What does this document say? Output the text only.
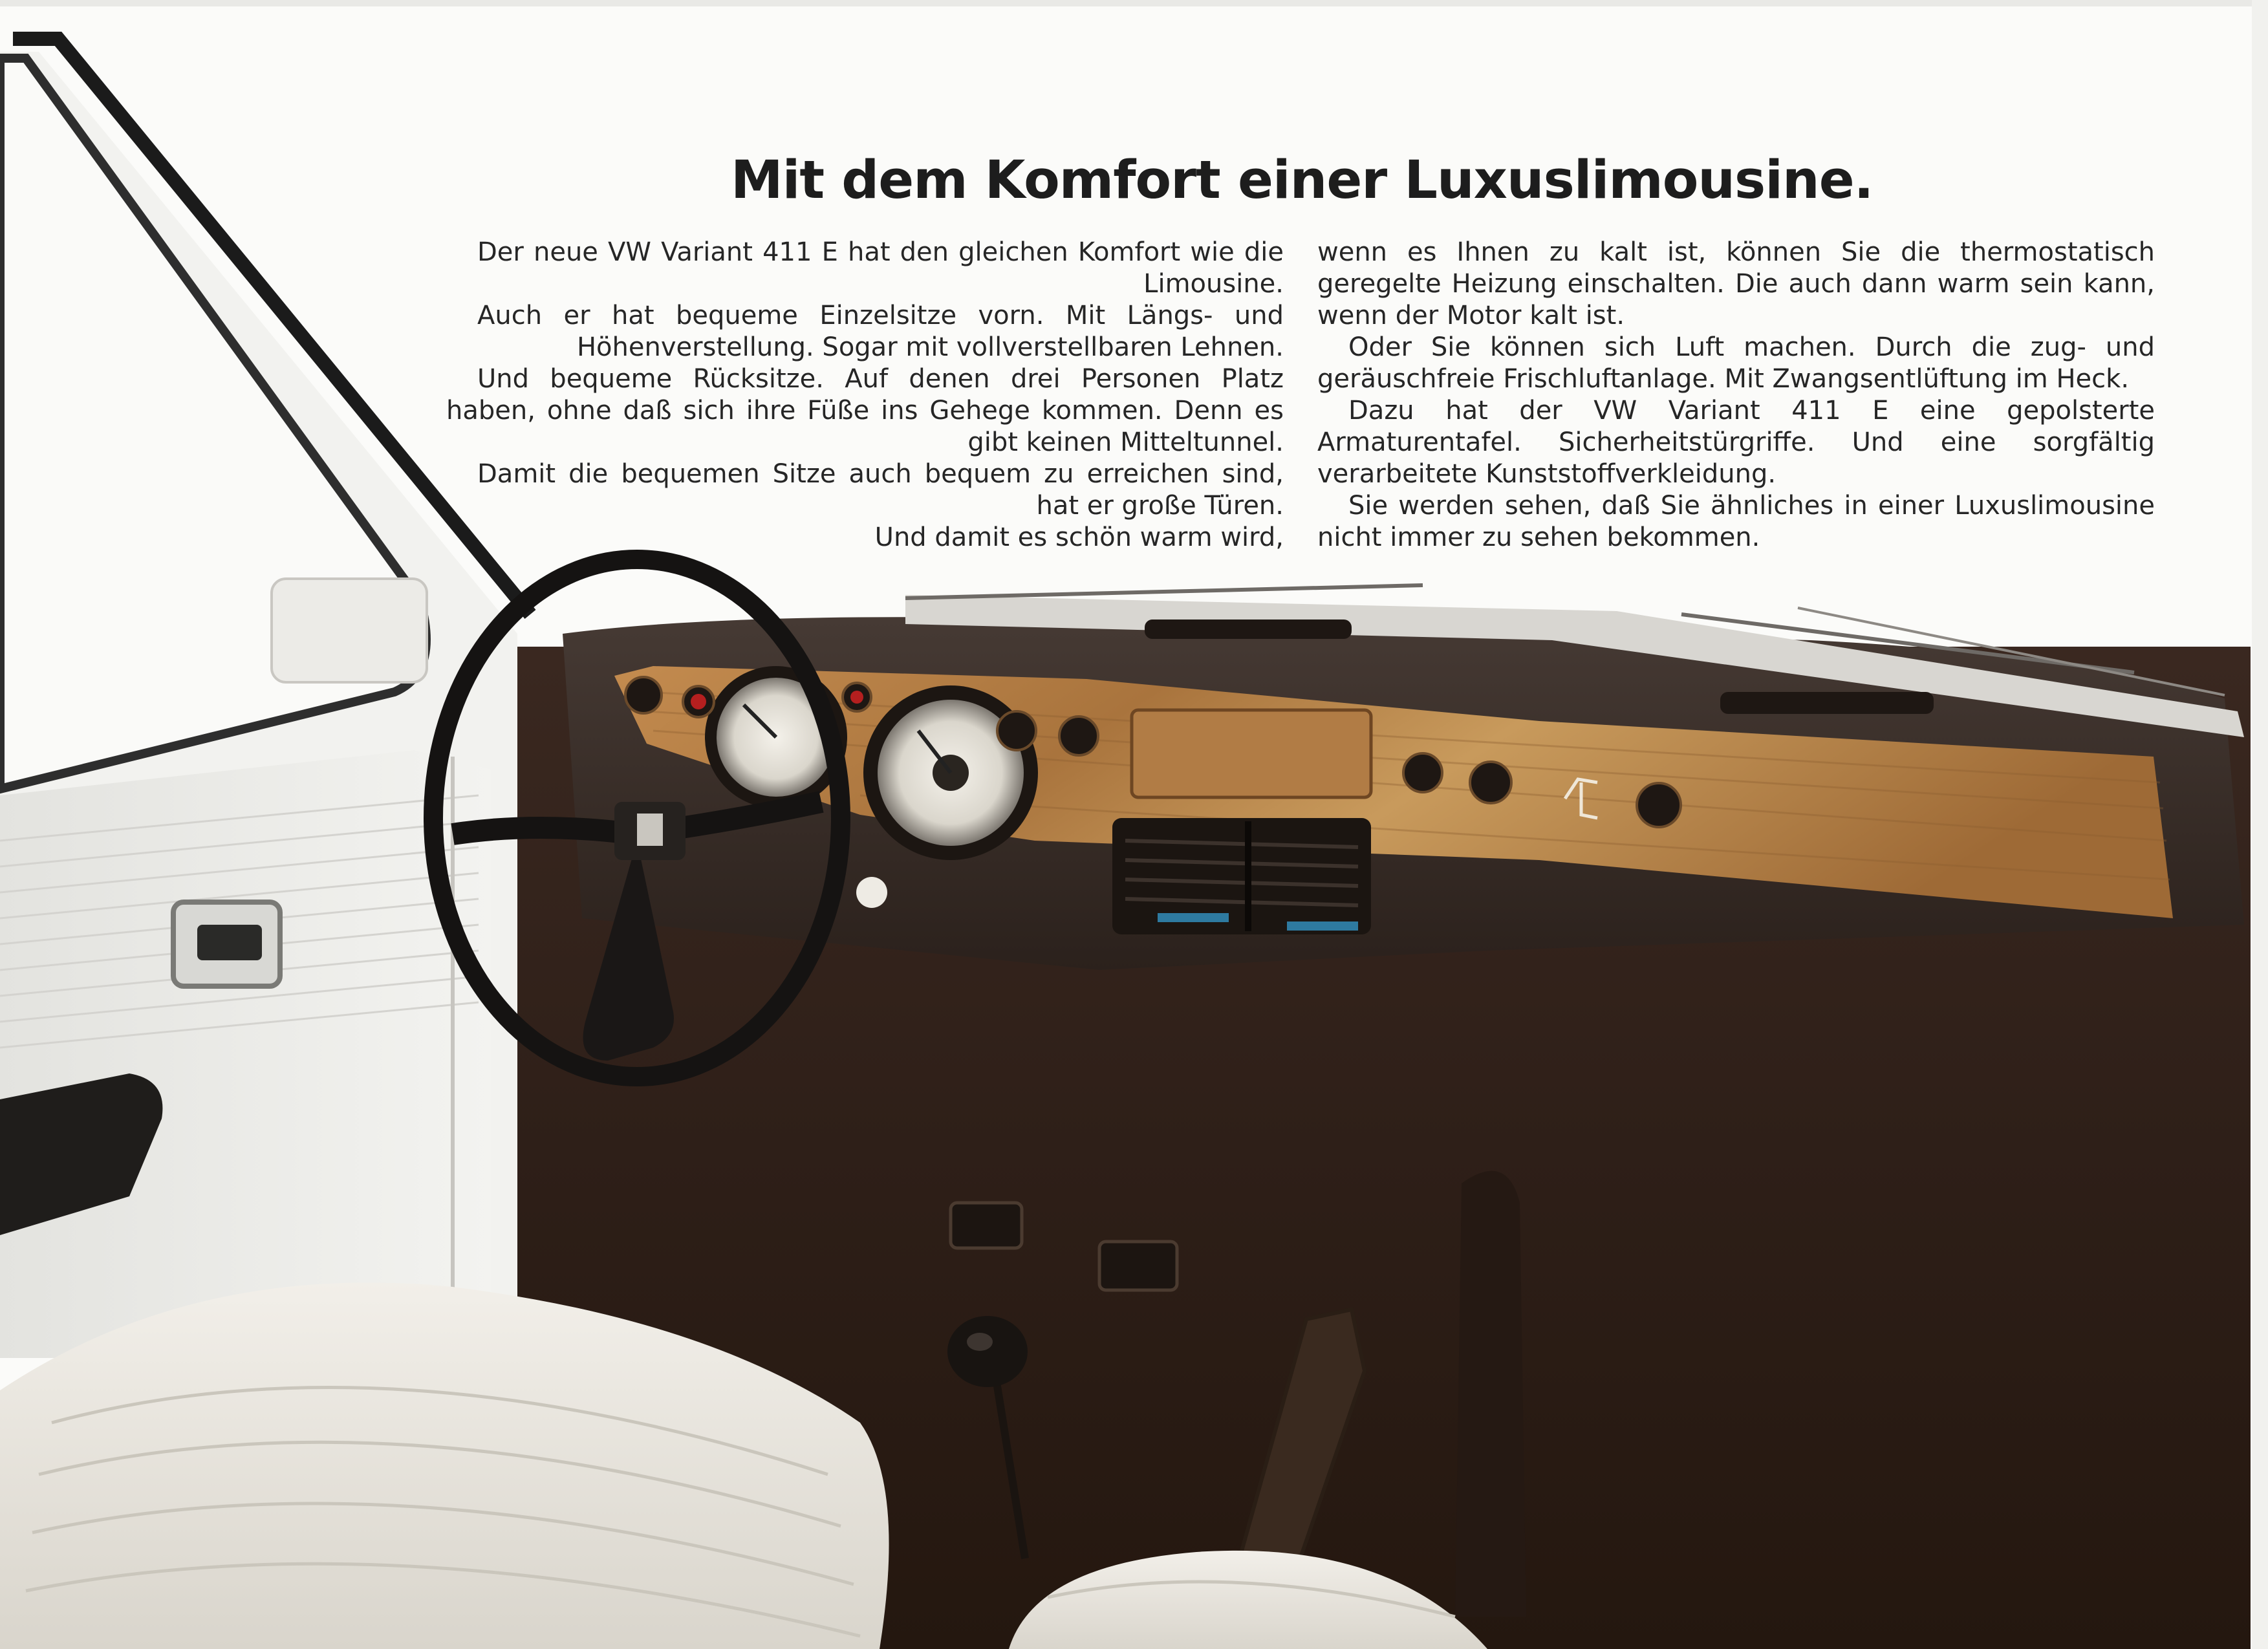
Mit dem Komfort einer Luxuslimousine.

Der neue VW Variant 411 E hat den gleichen Komfort wie die Limousine.

Auch er hat bequeme Einzelsitze vorn. Mit Längs- und Höhenverstellung. Sogar mit vollverstellbaren Lehnen.

Und bequeme Rücksitze. Auf denen drei Personen Platz haben, ohne daß sich ihre Füße ins Gehege kommen. Denn es gibt keinen Mitteltunnel.

Damit die bequemen Sitze auch bequem zu erreichen sind, hat er große Türen.

Und damit es schön warm wird,

wenn es Ihnen zu kalt ist, können Sie die thermostatisch geregelte Heizung einschalten. Die auch dann warm sein kann, wenn der Motor kalt ist.

Oder Sie können sich Luft machen. Durch die zug- und geräuschfreie Frischluftanlage. Mit Zwangsentlüftung im Heck.

Dazu hat der VW Variant 411 E eine gepolsterte Armaturentafel. Sicherheitstürgriffe. Und eine sorgfältig verarbeitete Kunststoffverkleidung.

Sie werden sehen, daß Sie ähnliches in einer Luxuslimousine nicht immer zu sehen bekommen.
